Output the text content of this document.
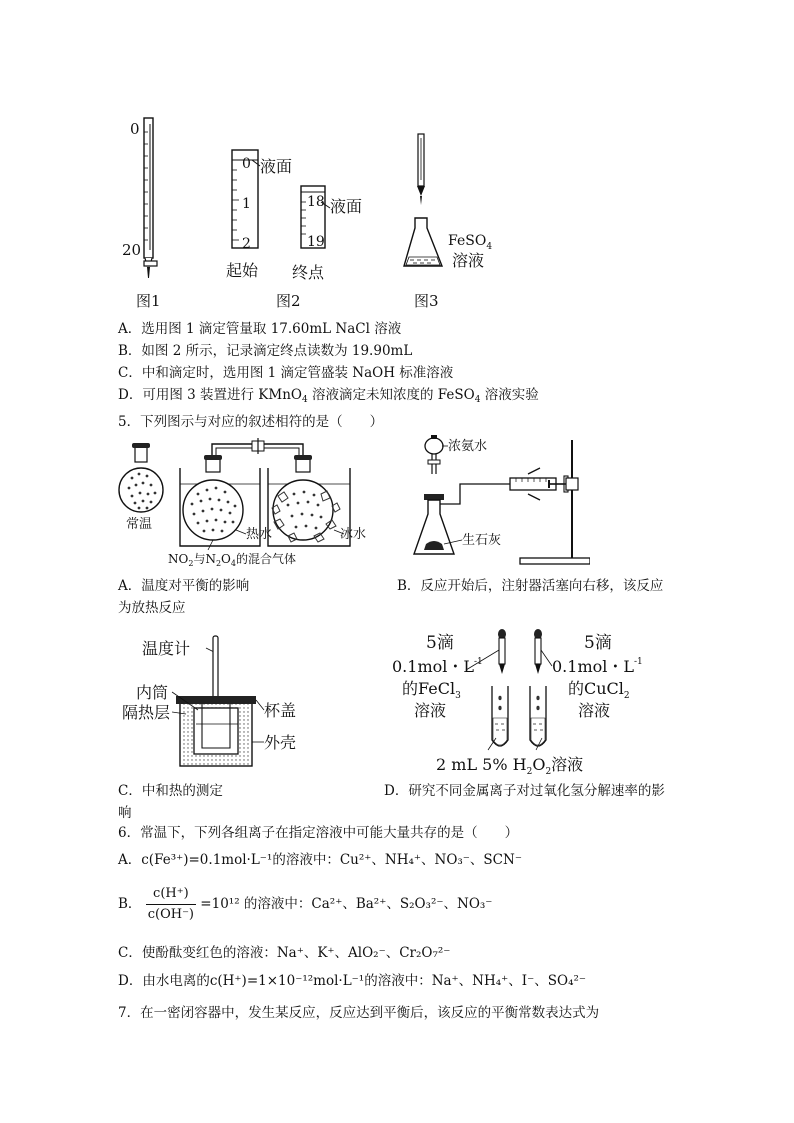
0
20
图1
0
1
2
液面
起始
18
19
液面
终点
图2
FeSO$_4$
溶液
图3
A．选用图 1 滴定管量取 17.60mL NaCl 溶液
B．如图 2 所示，记录滴定终点读数为 19.90mL
C．中和滴定时，选用图 1 滴定管盛装 NaOH 标准溶液
D．可用图 3 装置进行 KMnO$_4$ 溶液滴定未知浓度的 FeSO$_4$ 溶液实验
5．下列图示与对应的叙述相符的是（　　）
常温
热水	冰水
$NO_2$与$N_2O_4$的混合气体
浓氨水
生石灰
A．温度对平衡的影响	B．反应开始后，注射器活塞向右移，该反应
为放热反应
温度计
内筒
隔热层	杯盖
外壳
5滴
0.1mol・$L^{-1}$
的FeCl$_3$
溶液
5滴
0.1mol・$L^{-1}$
的CuCl$_2$
溶液
2 mL 5% $H_2O_2$溶液
C．中和热的测定	D．研究不同金属离子对过氧化氢分解速率的影
响
6．常温下，下列各组离子在指定溶液中可能大量共存的是（　　）
A．c(Fe³⁺)=0.1mol·L⁻¹的溶液中：Cu²⁺、NH₄⁺、NO₃⁻、SCN⁻
B． $\frac{c(H^+)}{c(OH^-)} =10^{12}$ 的溶液中：Ca²⁺、Ba²⁺、S₂O₃²⁻、NO₃⁻
C．使酚酞变红色的溶液：Na⁺、K⁺、AlO₂⁻、Cr₂O₇²⁻
D．由水电离的c(H⁺)=1×10⁻¹²mol·L⁻¹的溶液中：Na⁺、NH₄⁺、I⁻、SO₄²⁻
7．在一密闭容器中，发生某反应，反应达到平衡后，该反应的平衡常数表达式为
